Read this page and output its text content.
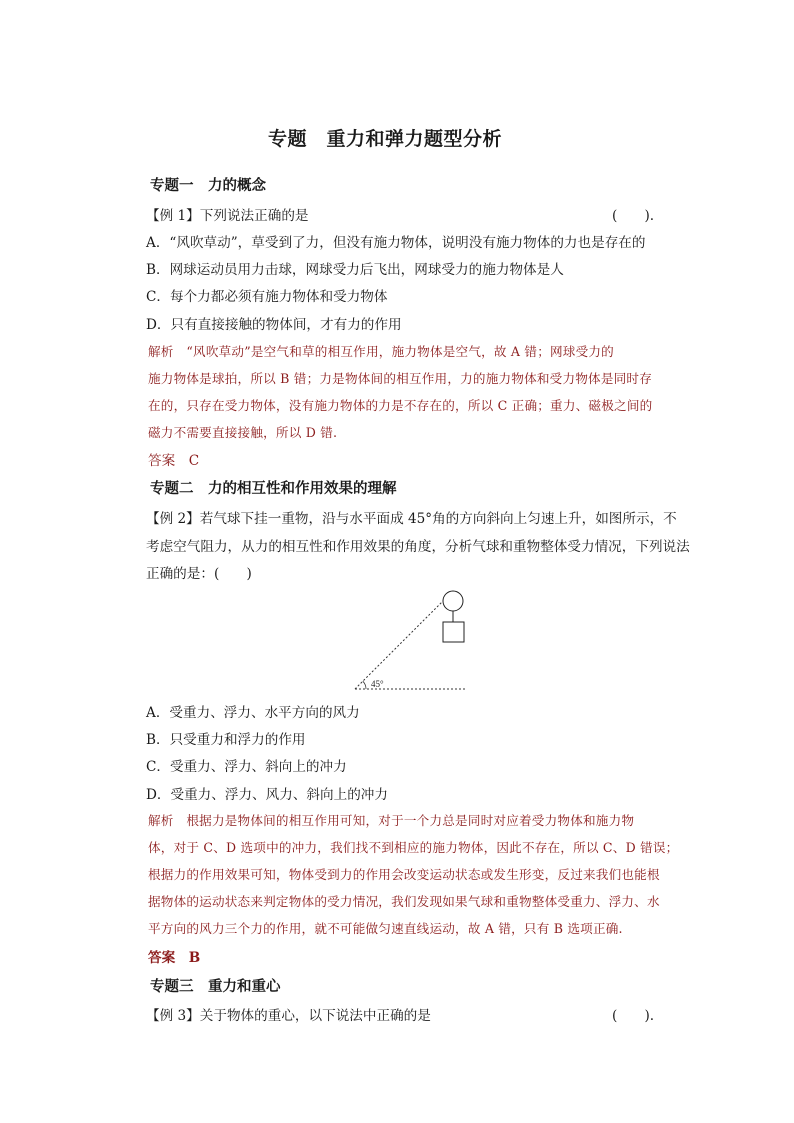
专题　重力和弹力题型分析
专题一　力的概念
【例 1】下列说法正确的是	(　　).
A．“风吹草动”，草受到了力，但没有施力物体，说明没有施力物体的力也是存在的
B．网球运动员用力击球，网球受力后飞出，网球受力的施力物体是人
C．每个力都必须有施力物体和受力物体
D．只有直接接触的物体间，才有力的作用
解析　“风吹草动”是空气和草的相互作用，施力物体是空气，故 A 错；网球受力的
施力物体是球拍，所以 B 错；力是物体间的相互作用，力的施力物体和受力物体是同时存
在的，只存在受力物体，没有施力物体的力是不存在的，所以 C 正确；重力、磁极之间的
磁力不需要直接接触，所以 D 错.
答案　C
专题二　力的相互性和作用效果的理解
【例 2】若气球下挂一重物，沿与水平面成 45°角的方向斜向上匀速上升，如图所示，不
考虑空气阻力，从力的相互性和作用效果的角度，分析气球和重物整体受力情况，下列说法
正确的是：(　　)
45°
A．受重力、浮力、水平方向的风力
B．只受重力和浮力的作用
C．受重力、浮力、斜向上的冲力
D．受重力、浮力、风力、斜向上的冲力
解析　根据力是物体间的相互作用可知，对于一个力总是同时对应着受力物体和施力物
体，对于 C、D 选项中的冲力，我们找不到相应的施力物体，因此不存在，所以 C、D 错误；
根据力的作用效果可知，物体受到力的作用会改变运动状态或发生形变，反过来我们也能根
据物体的运动状态来判定物体的受力情况，我们发现如果气球和重物整体受重力、浮力、水
平方向的风力三个力的作用，就不可能做匀速直线运动，故 A 错，只有 B 选项正确.
答案　B
专题三　重力和重心
【例 3】关于物体的重心，以下说法中正确的是	(　　).
